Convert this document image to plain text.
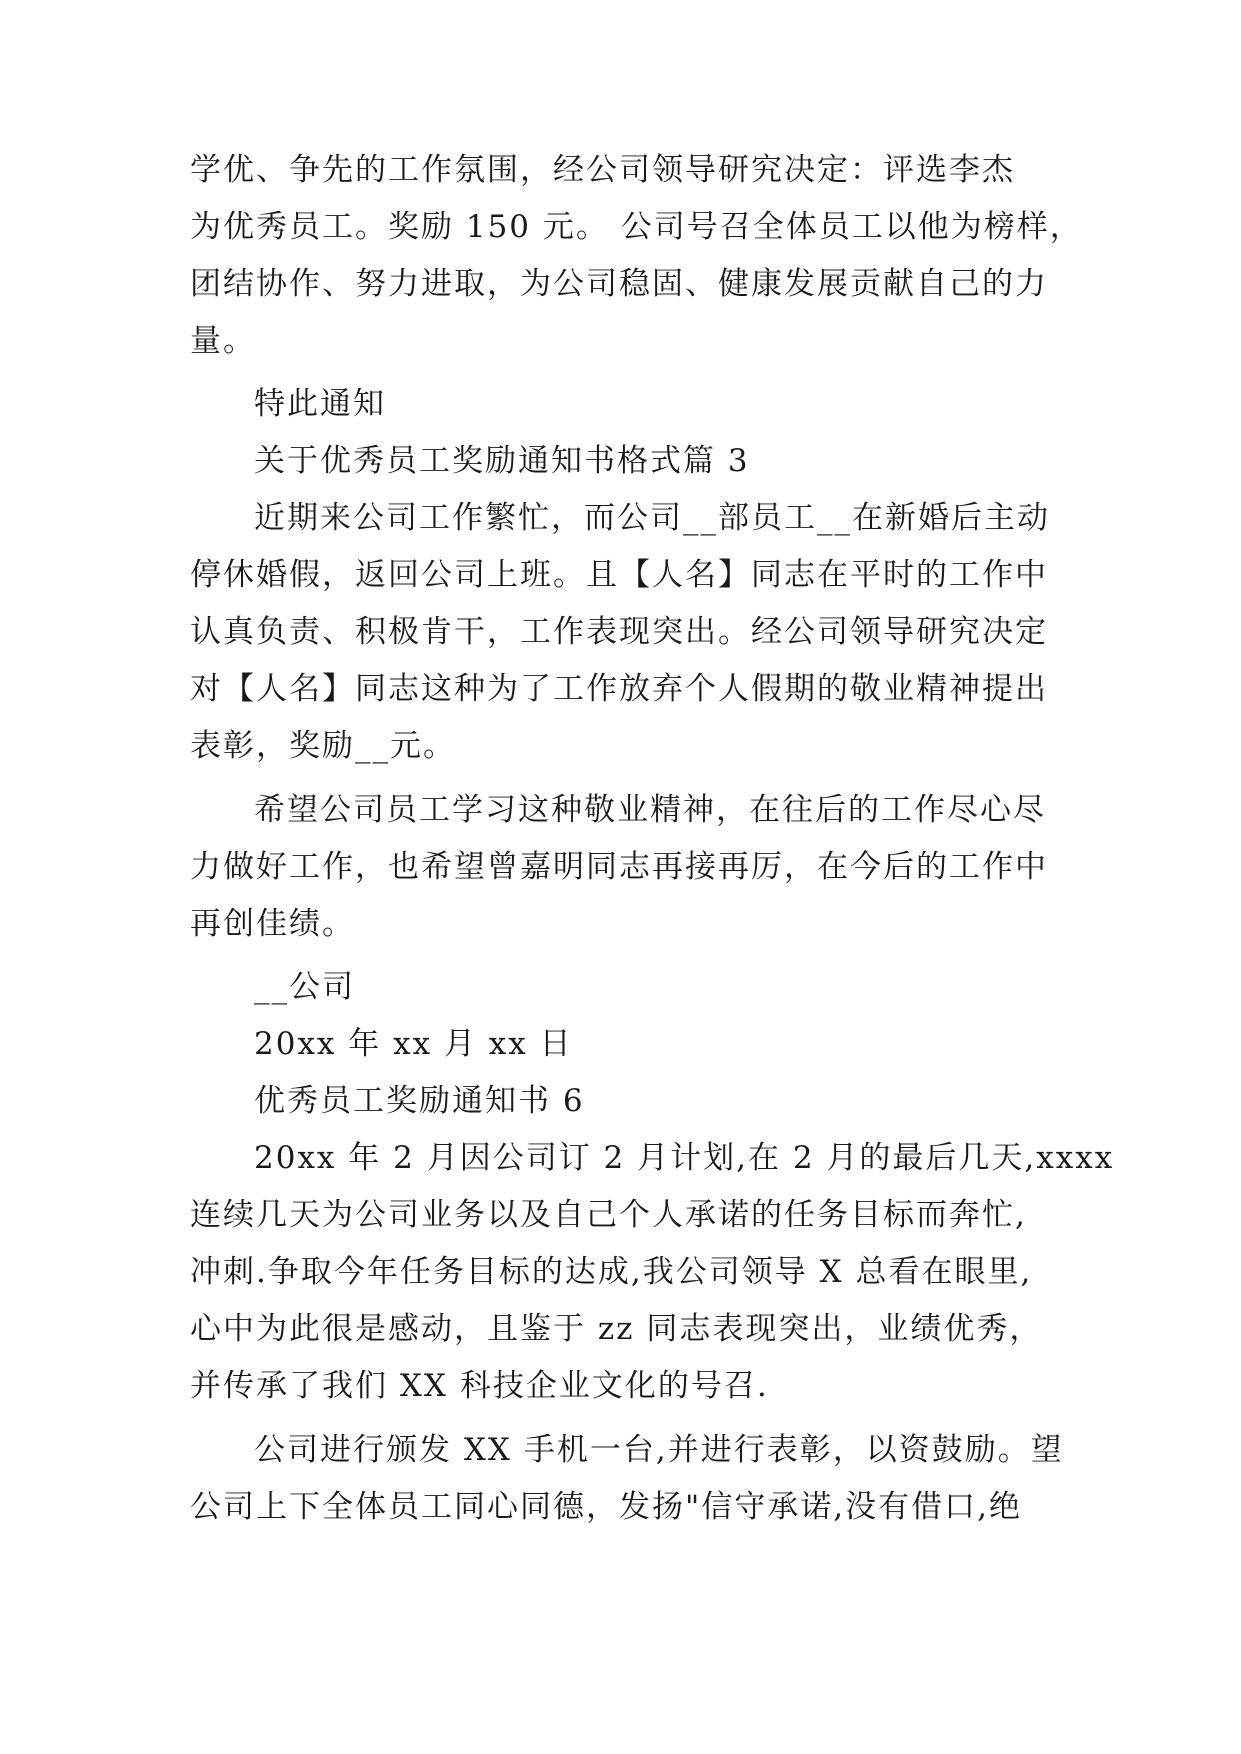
学优、争先的工作氛围，经公司领导研究决定：评选李杰
为优秀员工。奖励 150 元。 公司号召全体员工以他为榜样，
团结协作、努力进取，为公司稳固、健康发展贡献自己的力
量。
特此通知
关于优秀员工奖励通知书格式篇 3
近期来公司工作繁忙，而公司__部员工__在新婚后主动
停休婚假，返回公司上班。且【人名】同志在平时的工作中
认真负责、积极肯干，工作表现突出。经公司领导研究决定
对【人名】同志这种为了工作放弃个人假期的敬业精神提出
表彰，奖励__元。
希望公司员工学习这种敬业精神，在往后的工作尽心尽
力做好工作，也希望曾嘉明同志再接再厉，在今后的工作中
再创佳绩。
__公司
20xx 年 xx 月 xx 日
优秀员工奖励通知书 6
20xx 年 2 月因公司订 2 月计划,在 2 月的最后几天,xxxx
连续几天为公司业务以及自己个人承诺的任务目标而奔忙,
冲刺.争取今年任务目标的达成,我公司领导 X 总看在眼里,
心中为此很是感动，且鉴于 zz 同志表现突出，业绩优秀，
并传承了我们 XX 科技企业文化的号召.
公司进行颁发 XX 手机一台,并进行表彰，以资鼓励。望
公司上下全体员工同心同德，发扬"信守承诺,没有借口,绝
